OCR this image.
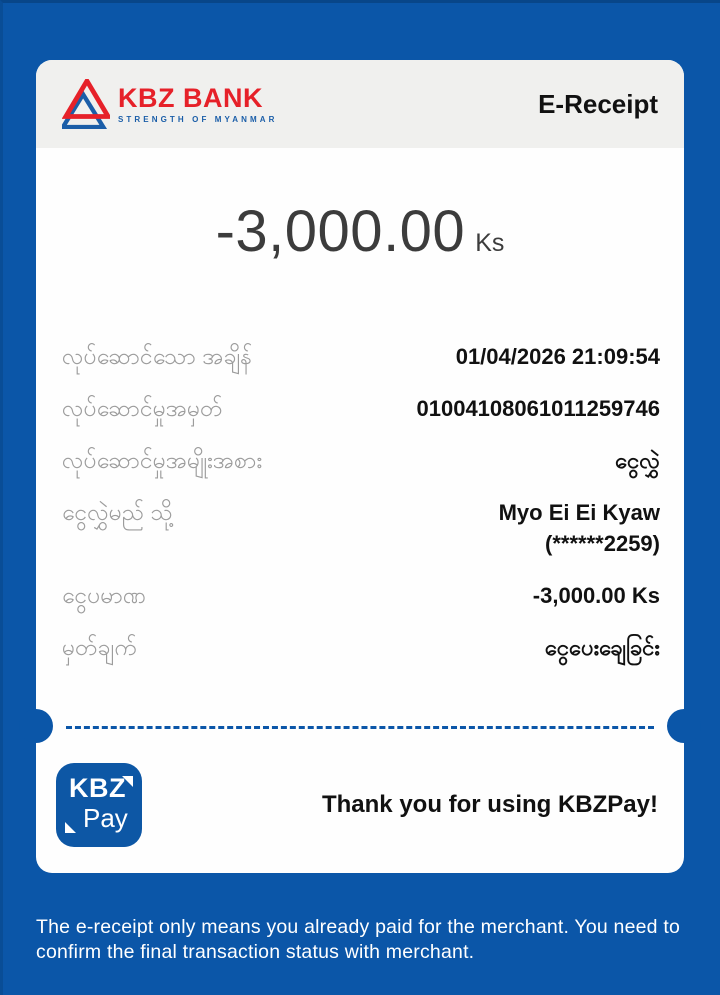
KBZ BANK
STRENGTH OF MYANMAR
E-Receipt
-3,000.00 Ks
လုပ်ဆောင်သော အချိန်	01/04/2026 21:09:54
လုပ်ဆောင်မှုအမှတ်	01004108061011259746
လုပ်ဆောင်မှုအမျိုးအစား	ငွေလွှဲ
ငွေလွှဲမည် သို့	Myo Ei Ei Kyaw
(******2259)
ငွေပမာဏ	-3,000.00 Ks
မှတ်ချက်	ငွေပေးချေခြင်း
KBZ
Pay	Thank you for using KBZPay!
The e-receipt only means you already paid for the merchant. You need to confirm the final transaction status with merchant.
